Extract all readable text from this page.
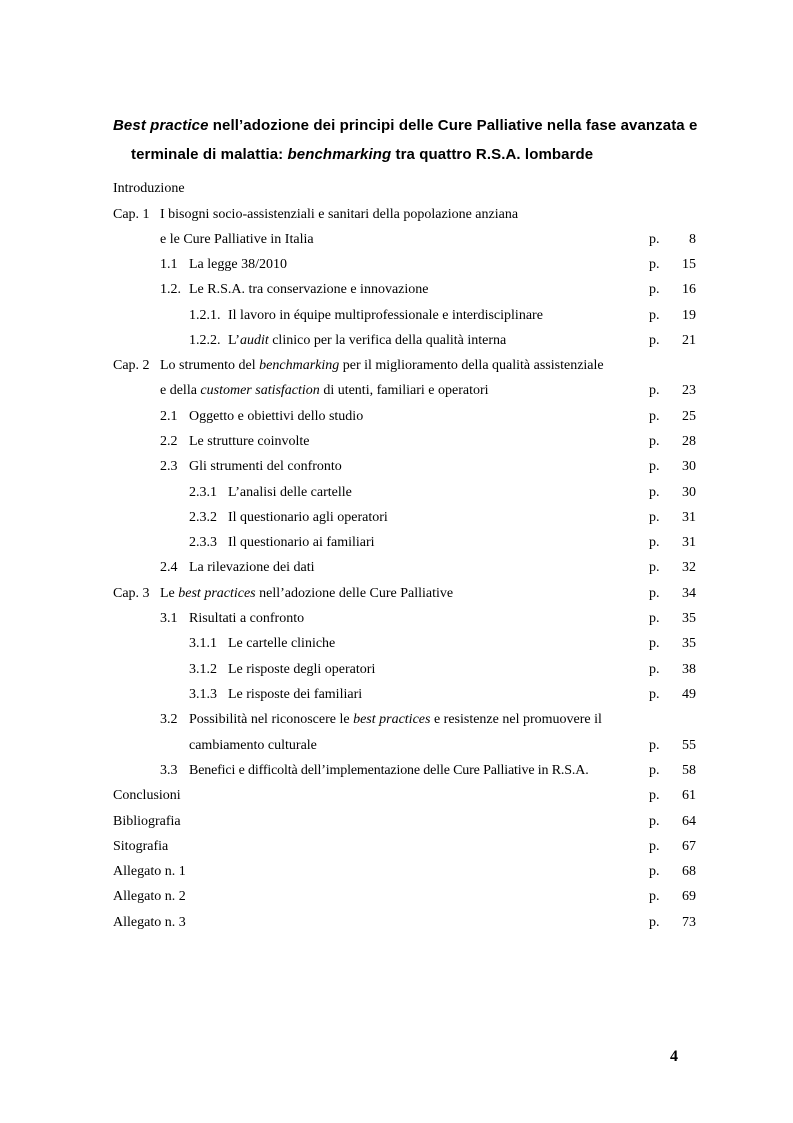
Best practice nell’adozione dei principi delle Cure Palliative nella fase avanzata e
terminale di malattia: benchmarking tra quattro R.S.A. lombarde
Introduzione
Cap. 1 I bisogni socio-assistenziali e sanitari della popolazione anziana
e le Cure Palliative in Italia	p. 8
1.1 La legge 38/2010	p. 15
1.2. Le R.S.A. tra conservazione e innovazione	p. 16
1.2.1. Il lavoro in équipe multiprofessionale e interdisciplinare	p. 19
1.2.2. L’audit clinico per la verifica della qualità interna	p. 21
Cap. 2 Lo strumento del benchmarking per il miglioramento della qualità assistenziale
e della customer satisfaction di utenti, familiari e operatori	p. 23
2.1 Oggetto e obiettivi dello studio	p. 25
2.2 Le strutture coinvolte	p. 28
2.3 Gli strumenti del confronto	p. 30
2.3.1 L’analisi delle cartelle	p. 30
2.3.2 Il questionario agli operatori	p. 31
2.3.3 Il questionario ai familiari	p. 31
2.4 La rilevazione dei dati	p. 32
Cap. 3 Le best practices nell’adozione delle Cure Palliative	p. 34
3.1 Risultati a confronto	p. 35
3.1.1 Le cartelle cliniche	p. 35
3.1.2 Le risposte degli operatori	p. 38
3.1.3 Le risposte dei familiari	p. 49
3.2 Possibilità nel riconoscere le best practices e resistenze nel promuovere il
cambiamento culturale	p. 55
3.3 Benefici e difficoltà dell’implementazione delle Cure Palliative in R.S.A.	p. 58
Conclusioni	p. 61
Bibliografia	p. 64
Sitografia	p. 67
Allegato n. 1	p. 68
Allegato n. 2	p. 69
Allegato n. 3	p. 73
4
